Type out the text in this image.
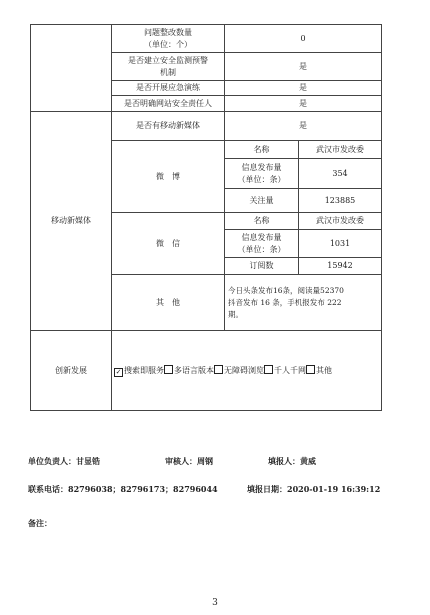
	问题整改数量
（单位：个）	0	
	是否建立安全监测预警
机制	是	
	是否开展应急演练	是	
	是否明确网站安全责任人	是	
移动新媒体	是否有移动新媒体	是	
	微　博	名称	武汉市发改委
		信息发布量
（单位：条）	354
		关注量	123885
	微　信	名称	武汉市发改委
		信息发布量
（单位：条）	1031
		订阅数	15942
	其　他	今日头条发布16条，阅读量52370
抖音发布 16 条，手机报发布 222
期。	
创新发展	✓ 搜索即服务 多语言版本 无障碍浏览 千人千网 其他		
单位负责人：甘显锆	审核人：周钢	填报人：黄威
联系电话：82796038；82796173；82796044	填报日期：2020-01-19 16:39:12
备注：
3
